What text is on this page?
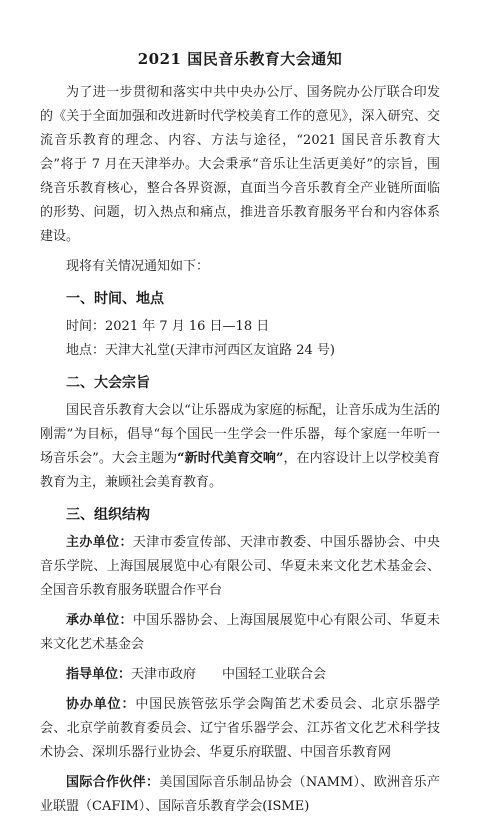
2021 国民音乐教育大会通知

为了进一步贯彻和落实中共中央办公厅、国务院办公厅联合印发的《关于全面加强和改进新时代学校美育工作的意见》，深入研究、交流音乐教育的理念、内容、方法与途径，“2021 国民音乐教育大会”将于 7 月在天津举办。大会秉承“音乐让生活更美好”的宗旨，围绕音乐教育核心，整合各界资源，直面当今音乐教育全产业链所面临的形势、问题，切入热点和痛点，推进音乐教育服务平台和内容体系建设。

现将有关情况通知如下：

一、时间、地点

时间：2021 年 7 月 16 日—18 日

地点：天津大礼堂(天津市河西区友谊路 24 号)

二、大会宗旨

国民音乐教育大会以“让乐器成为家庭的标配，让音乐成为生活的刚需”为目标，倡导“每个国民一生学会一件乐器，每个家庭一年听一场音乐会”。大会主题为“新时代美育交响”，在内容设计上以学校美育教育为主，兼顾社会美育教育。

三、组织结构

主办单位：天津市委宣传部、天津市教委、中国乐器协会、中央音乐学院、上海国展展览中心有限公司、华夏未来文化艺术基金会、全国音乐教育服务联盟合作平台

承办单位：中国乐器协会、上海国展展览中心有限公司、华夏未来文化艺术基金会

指导单位：天津市政府　　中国轻工业联合会

协办单位：中国民族管弦乐学会陶笛艺术委员会、北京乐器学会、北京学前教育委员会、辽宁省乐器学会、江苏省文化艺术科学技术协会、深圳乐器行业协会、华夏乐府联盟、中国音乐教育网

国际合作伙伴：美国国际音乐制品协会（NAMM）、欧洲音乐产业联盟（CAFIM）、国际音乐教育学会(ISME)
